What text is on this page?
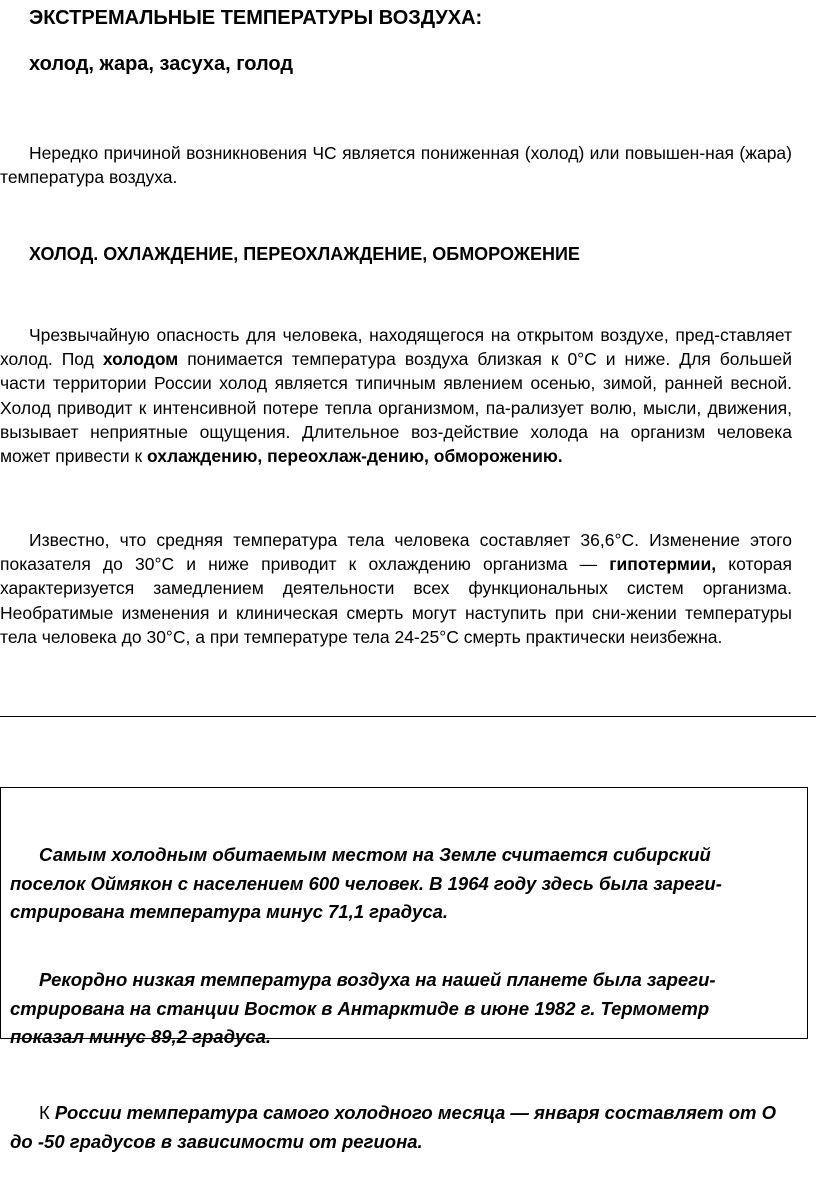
ЭКСТРЕМАЛЬНЫЕ ТЕМПЕРАТУРЫ ВОЗДУХА:
холод, жара, засуха, голод
Нередко причиной возникновения ЧС является пониженная (холод) или повышен-ная (жара) температура воздуха.
ХОЛОД. ОХЛАЖДЕНИЕ, ПЕРЕОХЛАЖДЕНИЕ, ОБМОРОЖЕНИЕ
Чрезвычайную опасность для человека, находящегося на открытом воздухе, пред-ставляет холод. Под холодом понимается температура воздуха близкая к 0°С и ниже. Для большей части территории России холод является типичным явлением осенью, зимой, ранней весной. Холод приводит к интенсивной потере тепла организмом, па-рализует волю, мысли, движения, вызывает неприятные ощущения. Длительное воз-действие холода на организм человека может привести к охлаждению, переохлаж-дению, обморожению.
Известно, что средняя температура тела человека составляет 36,6°С. Изменение этого показателя до 30°С и ниже приводит к охлаждению организма — гипотермии, которая характеризуется замедлением деятельности всех функциональных систем организма. Необратимые изменения и клиническая смерть могут наступить при сни-жении температуры тела человека до 30°С, а при температуре тела 24-25°С смерть практически неизбежна.
Самым холодным обитаемым местом на Земле считается сибирский поселок Оймякон с населением 600 человек. В 1964 году здесь была зареги-стрирована температура минус 71,1 градуса.
Рекордно низкая температура воздуха на нашей планете была зареги-стрирована на станции Восток в Антарктиде в июне 1982 г. Термометр показал минус 89,2 градуса.
К России температура самого холодного месяца — января составляет от О до -50 градусов в зависимости от региона.
